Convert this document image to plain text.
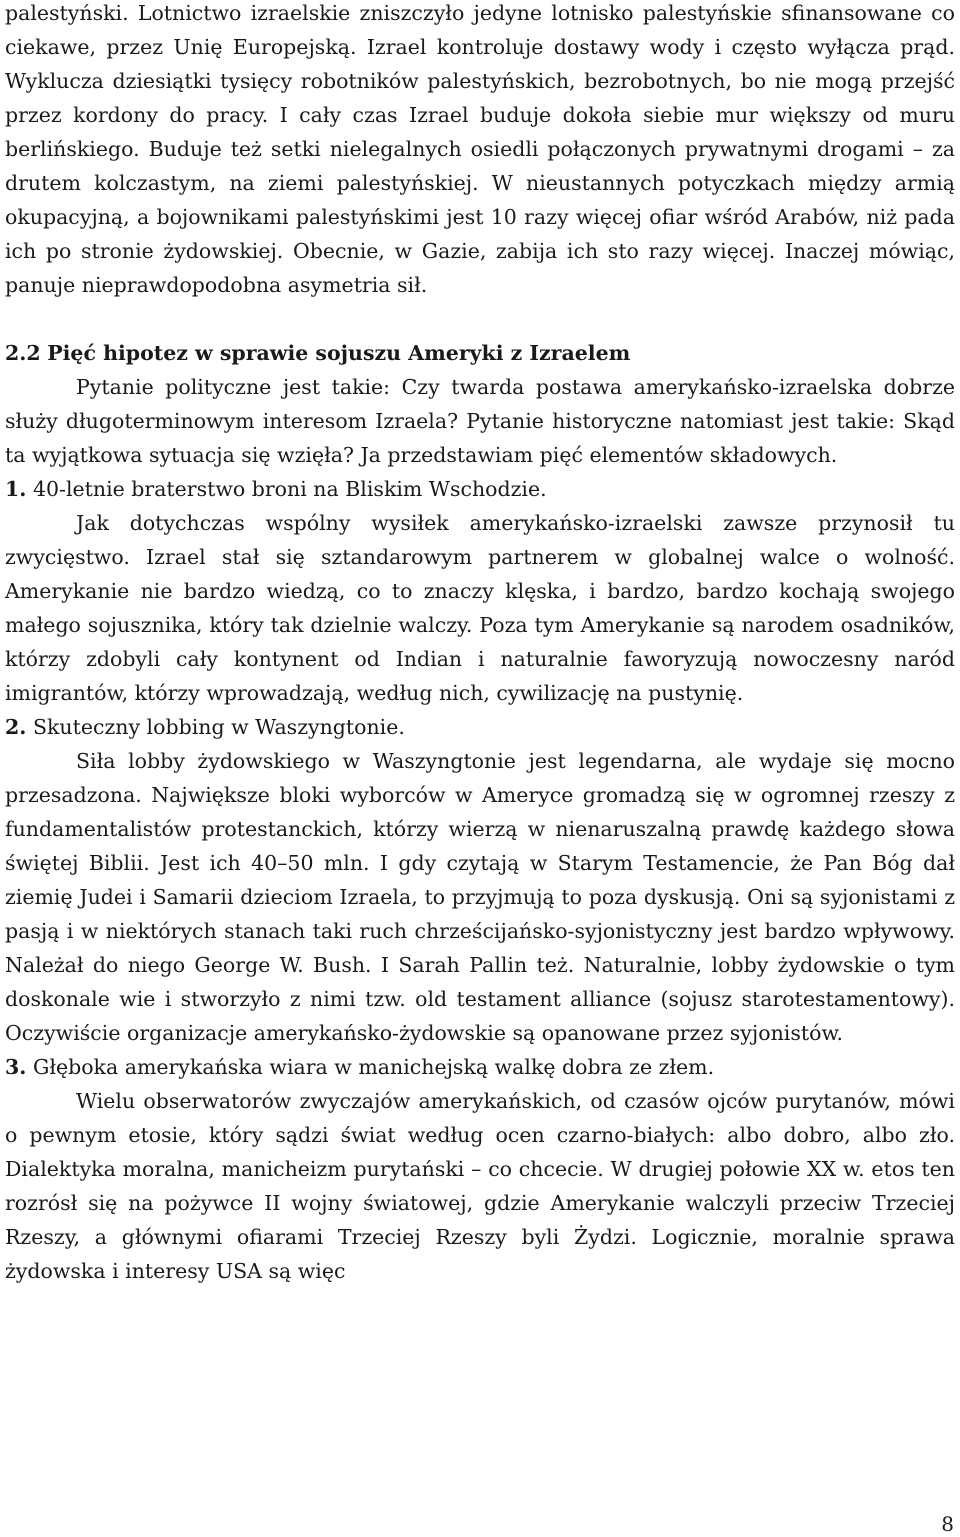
palestyński. Lotnictwo izraelskie zniszczyło jedyne lotnisko palestyńskie sfinansowane co ciekawe, przez Unię Europejską. Izrael kontroluje dostawy wody i często wyłącza prąd. Wyklucza dziesiątki tysięcy robotników palestyńskich, bezrobotnych, bo nie mogą przejść przez kordony do pracy. I cały czas Izrael buduje dokoła siebie mur większy od muru berlińskiego. Buduje też setki nielegalnych osiedli połączonych prywatnymi drogami – za drutem kolczastym, na ziemi palestyńskiej. W nieustannych potyczkach między armią okupacyjną, a bojownikami palestyńskimi jest 10 razy więcej ofiar wśród Arabów, niż pada ich po stronie żydowskiej. Obecnie, w Gazie, zabija ich sto razy więcej. Inaczej mówiąc, panuje nieprawdopodobna asymetria sił.

2.2 Pięć hipotez w sprawie sojuszu Ameryki z Izraelem

Pytanie polityczne jest takie: Czy twarda postawa amerykańsko-izraelska dobrze służy długoterminowym interesom Izraela? Pytanie historyczne natomiast jest takie: Skąd ta wyjątkowa sytuacja się wzięła? Ja przedstawiam pięć elementów składowych.

1. 40-letnie braterstwo broni na Bliskim Wschodzie.

Jak dotychczas wspólny wysiłek amerykańsko-izraelski zawsze przynosił tu zwycięstwo. Izrael stał się sztandarowym partnerem w globalnej walce o wolność. Amerykanie nie bardzo wiedzą, co to znaczy klęska, i bardzo, bardzo kochają swojego małego sojusznika, który tak dzielnie walczy. Poza tym Amerykanie są narodem osadników, którzy zdobyli cały kontynent od Indian i naturalnie faworyzują nowoczesny naród imigrantów, którzy wprowadzają, według nich, cywilizację na pustynię.

2. Skuteczny lobbing w Waszyngtonie.

Siła lobby żydowskiego w Waszyngtonie jest legendarna, ale wydaje się mocno przesadzona. Największe bloki wyborców w Ameryce gromadzą się w ogromnej rzeszy z fundamentalistów protestanckich, którzy wierzą w nienaruszalną prawdę każdego słowa świętej Biblii. Jest ich 40–50 mln. I gdy czytają w Starym Testamencie, że Pan Bóg dał ziemię Judei i Samarii dzieciom Izraela, to przyjmują to poza dyskusją. Oni są syjonistami z pasją i w niektórych stanach taki ruch chrześcijańsko-syjonistyczny jest bardzo wpływowy. Należał do niego George W. Bush. I Sarah Pallin też. Naturalnie, lobby żydowskie o tym doskonale wie i stworzyło z nimi tzw. old testament alliance (sojusz starotestamentowy). Oczywiście organizacje amerykańsko-żydowskie są opanowane przez syjonistów.

3. Głęboka amerykańska wiara w manichejską walkę dobra ze złem.

Wielu obserwatorów zwyczajów amerykańskich, od czasów ojców purytanów, mówi o pewnym etosie, który sądzi świat według ocen czarno-białych: albo dobro, albo zło. Dialektyka moralna, manicheizm purytański – co chcecie. W drugiej połowie XX w. etos ten rozrósł się na pożywce II wojny światowej, gdzie Amerykanie walczyli przeciw Trzeciej Rzeszy, a głównymi ofiarami Trzeciej Rzeszy byli Żydzi. Logicznie, moralnie sprawa żydowska i interesy USA są więc

8
